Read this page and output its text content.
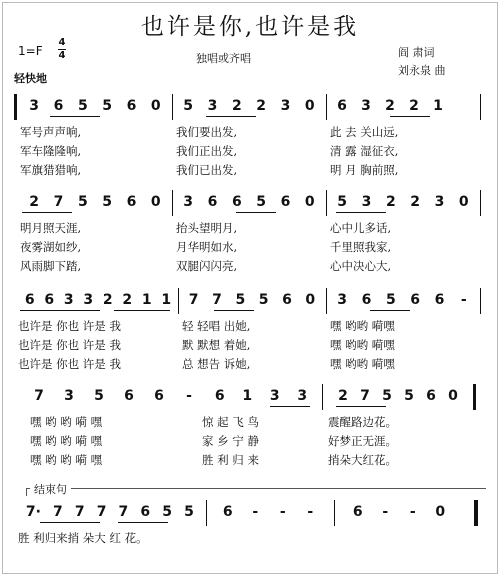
也许是你,也许是我
1=F
4
4	独唱或齐唱	阎 肃词
刘永泉 曲
轻快地
3 6 5 5 6 0 5 3 2 2 3 0 6 3 2 2 1
军号声声响,	我们要出发,	此 去 关山远,
军车隆隆响,	我们正出发,	清 露 湿征衣,
军旗猎猎响,	我们已出发,	明 月 胸前照,
2 7 5 5 6 0 3 6 6 5 6 0 5 3 2 2 3 0
明月照天涯,	抬头望明月,	心中儿多话,
夜雾湖如纱,	月华明如水,	千里照我家,
风雨脚下踏,	双腿闪闪亮,	心中决心大,
6 6 3 3 2 2 1 1 7 7 5 5 6 0 3 6 5 6 6 -
也许是 你也 许是 我	轻 轻唱 出她,	嘿 哟哟 嗬嘿
也许是 你也 许是 我	默 默想 着她,	嘿 哟哟 嗬嘿
也许是 你也 许是 我	总 想告 诉她,	嘿 哟哟 嗬嘿
7 3 5 6 6 - 6 1 3 3 2 7 5 5 6 0
嘿 哟 哟 嗬 嘿	惊 起 飞 鸟	震醒路边花。
嘿 哟 哟 嗬 嘿	家 乡 宁 静	好梦正无涯。
嘿 哟 哟 嗬 嘿	胜 利 归 来	捎朵大红花。
结束句
7· 7 7 7 7 6 5 5 6 - - -	6 - - 0
胜 利归来捎 朵大 红 花。
